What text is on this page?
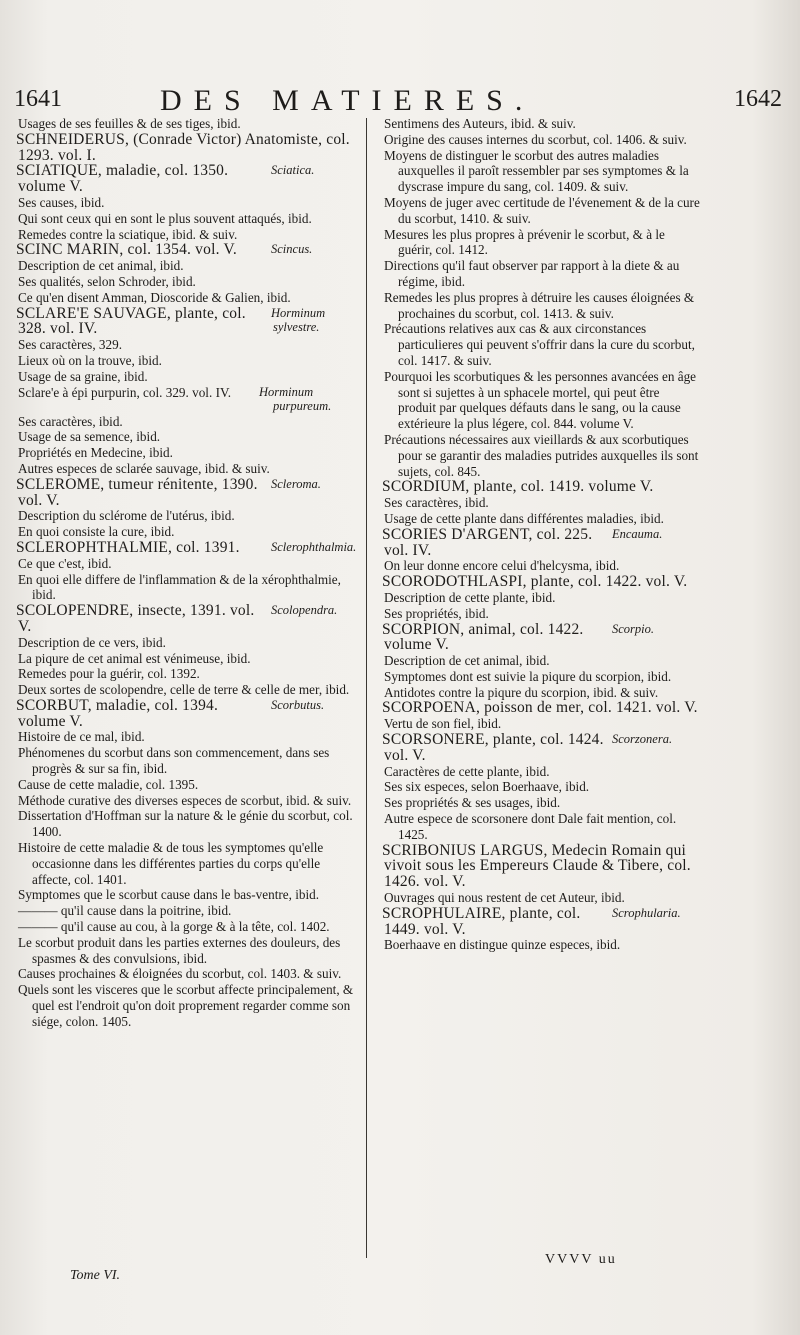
1641	DES MATIERES.	1642
Usages de ses feuilles & de ses tiges, ibid.
SCHNEIDERUS, (Conrade Victor) Anatomiste, col. 1293. vol. I.
SCIATIQUE, maladie, col. 1350. volume V.
Sciatica.
Ses causes, ibid.
Qui sont ceux qui en sont le plus souvent attaqués, ibid.
Remedes contre la sciatique, ibid. & suiv.
SCINC MARIN, col. 1354. vol. V.	Scincus.
Description de cet animal, ibid.
Ses qualités, selon Schroder, ibid.
Ce qu'en disent Amman, Dioscoride & Galien, ibid.
SCLARE'E SAUVAGE, plante, col. 328. vol. IV.
Horminum sylvestre.
Ses caractères, 329.
Lieux où on la trouve, ibid.
Usage de sa graine, ibid.
Sclare'e à épi purpurin, col. 329. vol. IV.	Horminum purpureum.
Ses caractères, ibid.
Usage de sa semence, ibid.
Propriétés en Medecine, ibid.
Autres especes de sclarée sauvage, ibid. & suiv.
SCLEROME, tumeur rénitente, 1390. vol. V.
Scleroma.
Description du sclérome de l'utérus, ibid.
En quoi consiste la cure, ibid.
SCLEROPHTHALMIE, col. 1391.	Sclerophthalmia.
Ce que c'est, ibid.
En quoi elle differe de l'inflammation & de la xérophthalmie, ibid.
SCOLOPENDRE, insecte, 1391. vol. V.
Scolopendra.
Description de ce vers, ibid.
La piqure de cet animal est vénimeuse, ibid.
Remedes pour la guérir, col. 1392.
Deux sortes de scolopendre, celle de terre & celle de mer, ibid.
SCORBUT, maladie, col. 1394. volume V.
Scorbutus.
Histoire de ce mal, ibid.
Phénomenes du scorbut dans son commencement, dans ses progrès & sur sa fin, ibid.
Cause de cette maladie, col. 1395.
Méthode curative des diverses especes de scorbut, ibid. & suiv.
Dissertation d'Hoffman sur la nature & le génie du scorbut, col. 1400.
Histoire de cette maladie & de tous les symptomes qu'elle occasionne dans les différentes parties du corps qu'elle affecte, col. 1401.
Symptomes que le scorbut cause dans le bas-ventre, ibid.
——— qu'il cause dans la poitrine, ibid.
——— qu'il cause au cou, à la gorge & à la tête, col. 1402.
Le scorbut produit dans les parties externes des douleurs, des spasmes & des convulsions, ibid.
Causes prochaines & éloignées du scorbut, col. 1403. & suiv.
Quels sont les visceres que le scorbut affecte principalement, & quel est l'endroit qu'on doit proprement regarder comme son siége, colon. 1405.
Sentimens des Auteurs, ibid. & suiv.
Origine des causes internes du scorbut, col. 1406. & suiv.
Moyens de distinguer le scorbut des autres maladies auxquelles il paroît ressembler par ses symptomes & la dyscrase impure du sang, col. 1409. & suiv.
Moyens de juger avec certitude de l'évenement & de la cure du scorbut, 1410. & suiv.
Mesures les plus propres à prévenir le scorbut, & à le guérir, col. 1412.
Directions qu'il faut observer par rapport à la diete & au régime, ibid.
Remedes les plus propres à détruire les causes éloignées & prochaines du scorbut, col. 1413. & suiv.
Précautions relatives aux cas & aux circonstances particulieres qui peuvent s'offrir dans la cure du scorbut, col. 1417. & suiv.
Pourquoi les scorbutiques & les personnes avancées en âge sont si sujettes à un sphacele mortel, qui peut être produit par quelques défauts dans le sang, ou la cause extérieure la plus légere, col. 844. volume V.
Précautions nécessaires aux vieillards & aux scorbutiques pour se garantir des maladies putrides auxquelles ils sont sujets, col. 845.
SCORDIUM, plante, col. 1419. volume V.
Ses caractères, ibid.
Usage de cette plante dans différentes maladies, ibid.
SCORIES D'ARGENT, col. 225. vol. IV.
Encauma.
On leur donne encore celui d'helcysma, ibid.
SCORODOTHLASPI, plante, col. 1422. vol. V.
Description de cette plante, ibid.
Ses propriétés, ibid.
SCORPION, animal, col. 1422. volume V.
Scorpio.
Description de cet animal, ibid.
Symptomes dont est suivie la piqure du scorpion, ibid.
Antidotes contre la piqure du scorpion, ibid. & suiv.
SCORPOENA, poisson de mer, col. 1421. vol. V.
Vertu de son fiel, ibid.
SCORSONERE, plante, col. 1424. vol. V.
Scorzonera.
Caractères de cette plante, ibid.
Ses six especes, selon Boerhaave, ibid.
Ses propriétés & ses usages, ibid.
Autre espece de scorsonere dont Dale fait mention, col. 1425.
SCRIBONIUS LARGUS, Medecin Romain qui vivoit sous les Empereurs Claude & Tibere, col. 1426. vol. V.
Ouvrages qui nous restent de cet Auteur, ibid.
SCROPHULAIRE, plante, col. 1449. vol. V.
Scrophularia.
Boerhaave en distingue quinze especes, ibid.
Tome VI.
VVVV uu
